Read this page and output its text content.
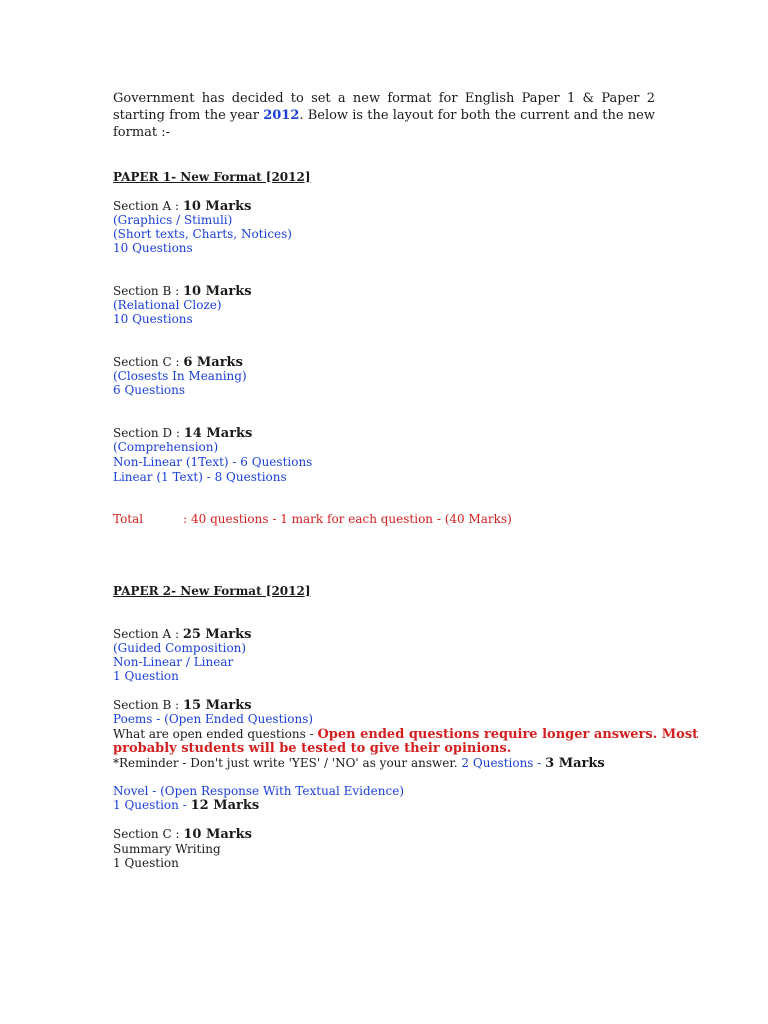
Government has decided to set a new format for English Paper 1 & Paper 2 starting from the year 2012. Below is the layout for both the current and the new format :-
PAPER 1- New Format [2012]
Section A : 10 Marks
(Graphics / Stimuli)
(Short texts, Charts, Notices)
10 Questions
Section B : 10 Marks
(Relational Cloze)
10 Questions
Section C : 6 Marks
(Closests In Meaning)
6 Questions
Section D : 14 Marks
(Comprehension)
Non-Linear (1Text) - 6 Questions
Linear (1 Text) - 8 Questions
Total	: 40 questions - 1 mark for each question - (40 Marks)
PAPER 2- New Format [2012]
Section A : 25 Marks
(Guided Composition)
Non-Linear / Linear
1 Question
Section B : 15 Marks
Poems - (Open Ended Questions)
What are open ended questions - Open ended questions require longer answers. Most
probably students will be tested to give their opinions.
*Reminder - Don't just write 'YES' / 'NO' as your answer. 2 Questions - 3 Marks
Novel - (Open Response With Textual Evidence)
1 Question - 12 Marks
Section C : 10 Marks
Summary Writing
1 Question
